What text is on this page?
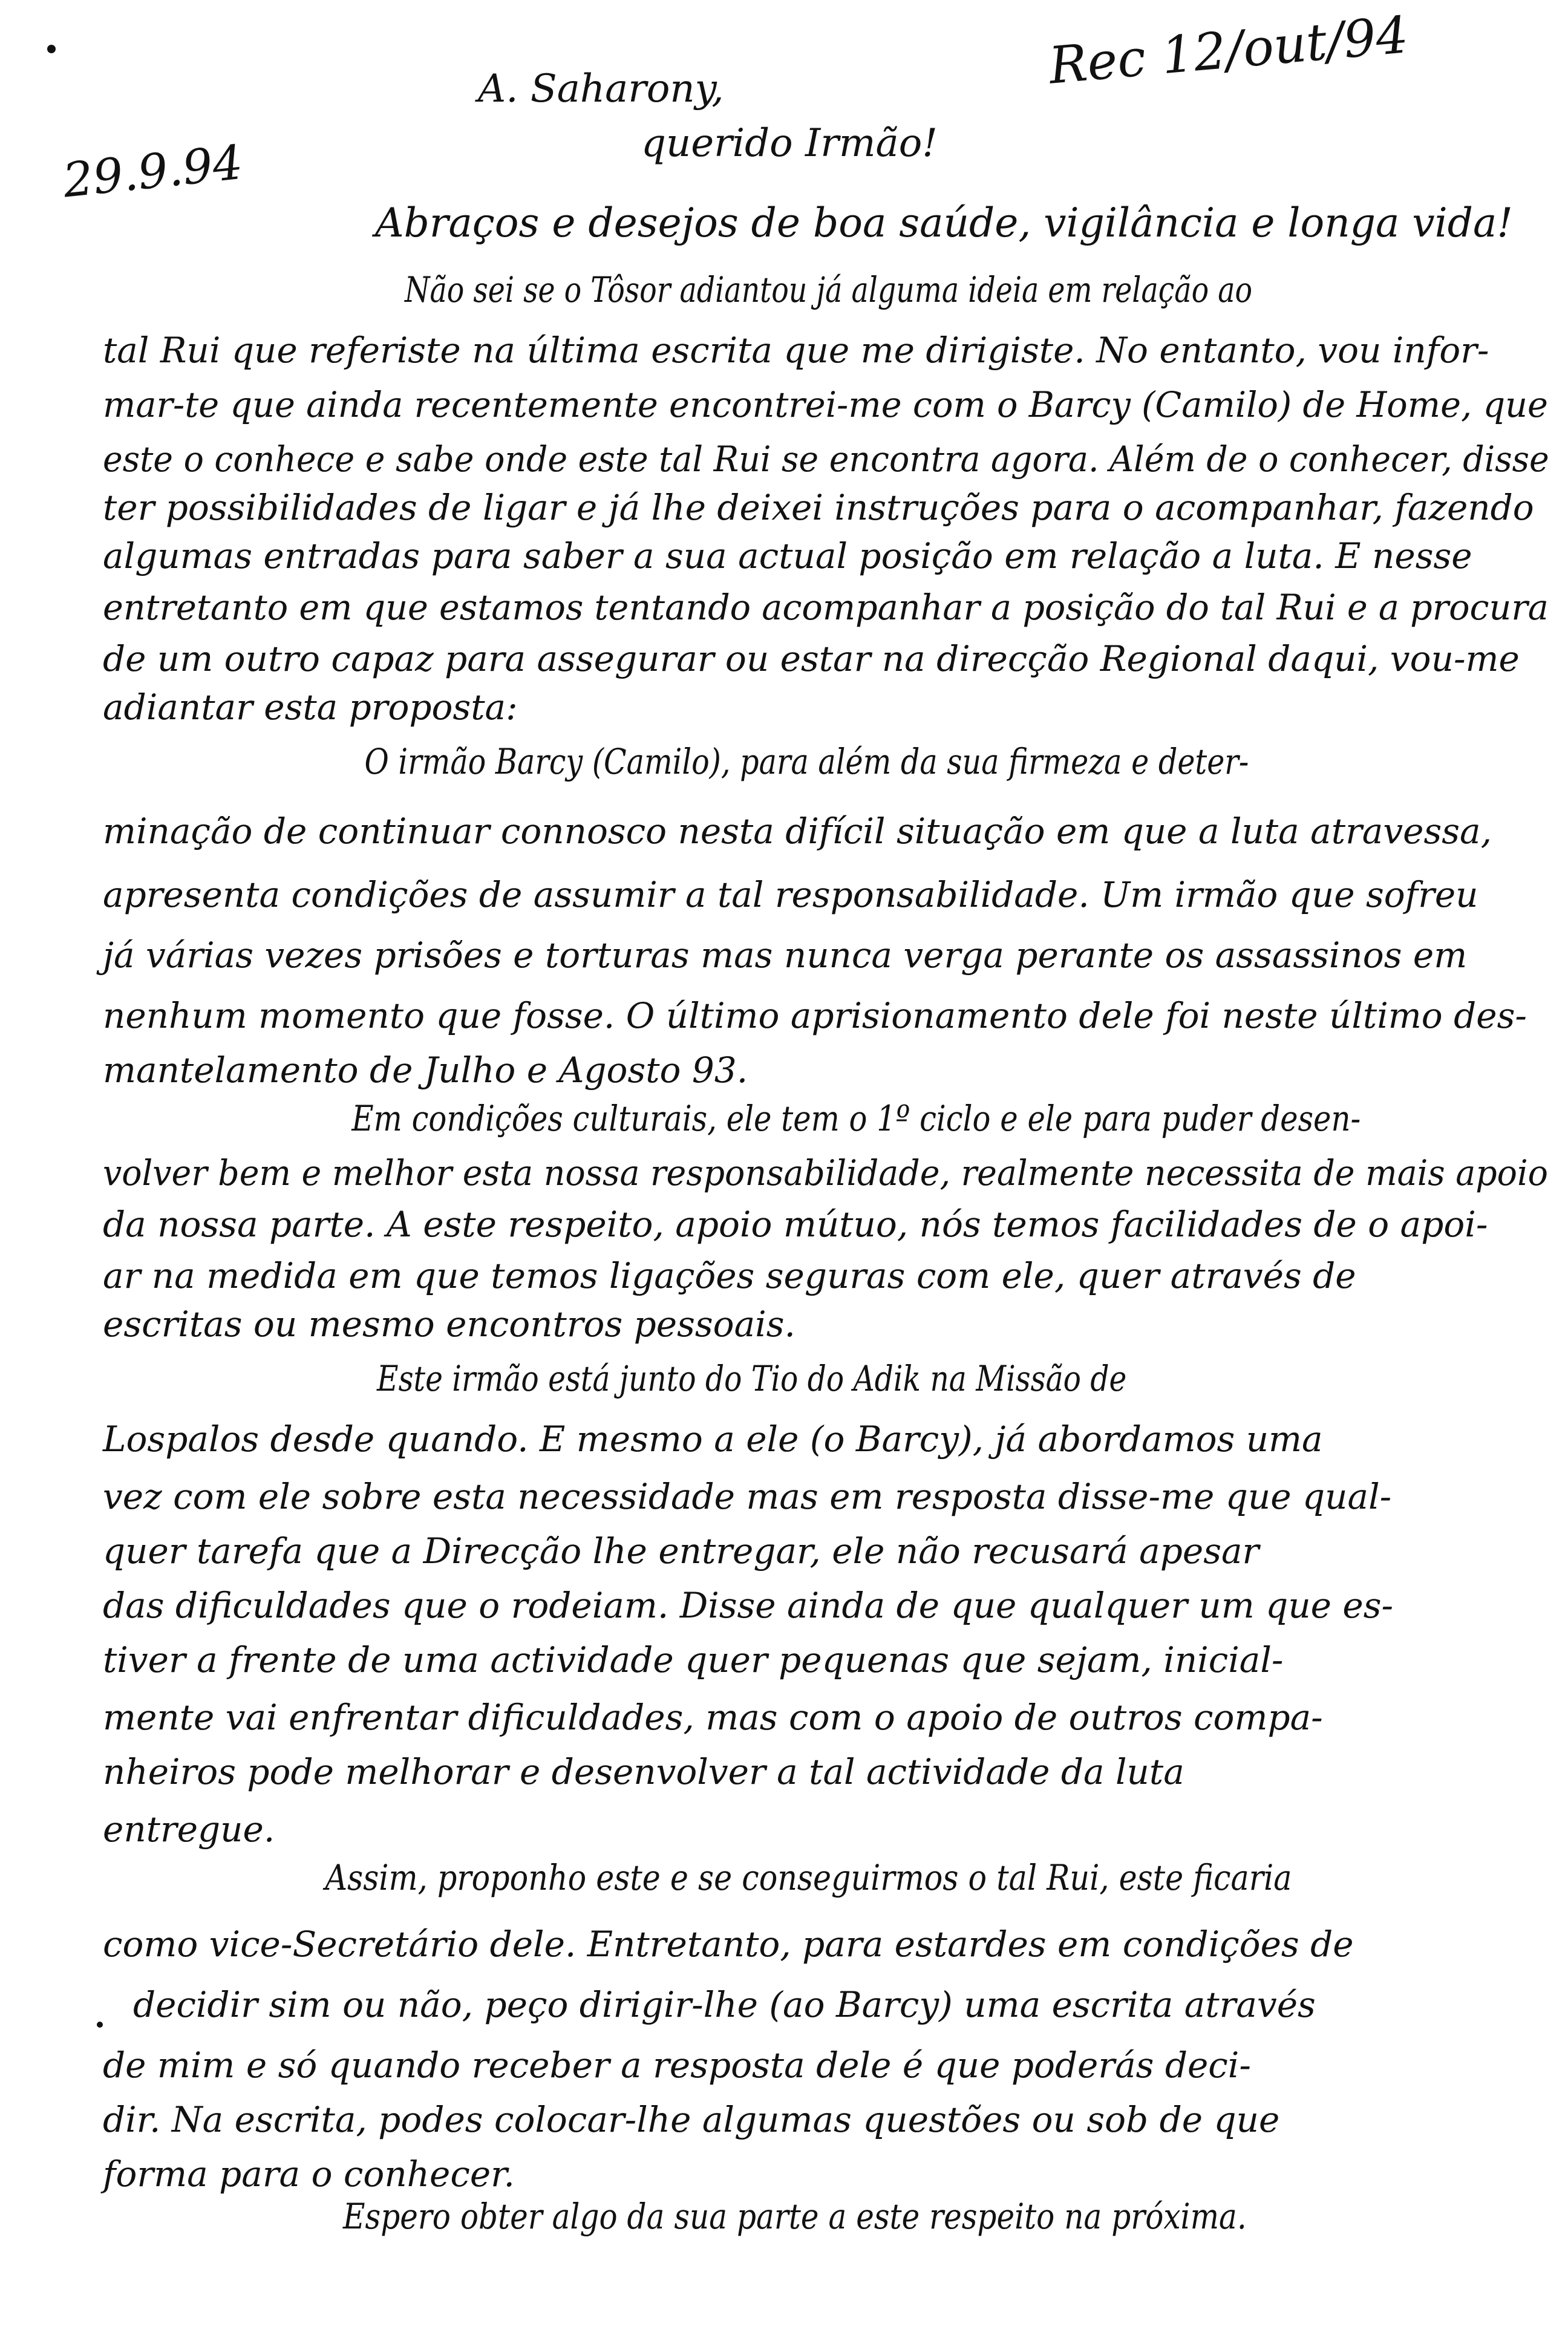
A. Saharony,
querido Irmão!
Rec 12/out/94
29.9.94
Abraços e desejos de boa saúde, vigilância e longa vida!
Não sei se o Tôsor adiantou já alguma ideia em relação ao
tal Rui que referiste na última escrita que me dirigiste. No entanto, vou infor-
mar-te que ainda recentemente encontrei-me com o Barcy (Camilo) de Home, que
este o conhece e sabe onde este tal Rui se encontra agora. Além de o conhecer, disse
ter possibilidades de ligar e já lhe deixei instruções para o acompanhar, fazendo
algumas entradas para saber a sua actual posição em relação a luta. E nesse
entretanto em que estamos tentando acompanhar a posição do tal Rui e a procura
de um outro capaz para assegurar ou estar na direcção Regional daqui, vou-me
adiantar esta proposta:
O irmão Barcy (Camilo), para além da sua firmeza e deter-
minação de continuar connosco nesta difícil situação em que a luta atravessa,
apresenta condições de assumir a tal responsabilidade. Um irmão que sofreu
já várias vezes prisões e torturas mas nunca verga perante os assassinos em
nenhum momento que fosse. O último aprisionamento dele foi neste último des-
mantelamento de Julho e Agosto 93.
Em condições culturais, ele tem o 1º ciclo e ele para puder desen-
volver bem e melhor esta nossa responsabilidade, realmente necessita de mais apoio
da nossa parte. A este respeito, apoio mútuo, nós temos facilidades de o apoi-
ar na medida em que temos ligações seguras com ele, quer através de
escritas ou mesmo encontros pessoais.
Este irmão está junto do Tio do Adik na Missão de
Lospalos desde quando. E mesmo a ele (o Barcy), já abordamos uma
vez com ele sobre esta necessidade mas em resposta disse-me que qual-
quer tarefa que a Direcção lhe entregar, ele não recusará apesar
das dificuldades que o rodeiam. Disse ainda de que qualquer um que es-
tiver a frente de uma actividade quer pequenas que sejam, inicial-
mente vai enfrentar dificuldades, mas com o apoio de outros compa-
nheiros pode melhorar e desenvolver a tal actividade da luta
entregue.
Assim, proponho este e se conseguirmos o tal Rui, este ficaria
como vice-Secretário dele. Entretanto, para estardes em condições de
decidir sim ou não, peço dirigir-lhe (ao Barcy) uma escrita através
de mim e só quando receber a resposta dele é que poderás deci-
dir. Na escrita, podes colocar-lhe algumas questões ou sob de que
forma para o conhecer.
Espero obter algo da sua parte a este respeito na próxima.
